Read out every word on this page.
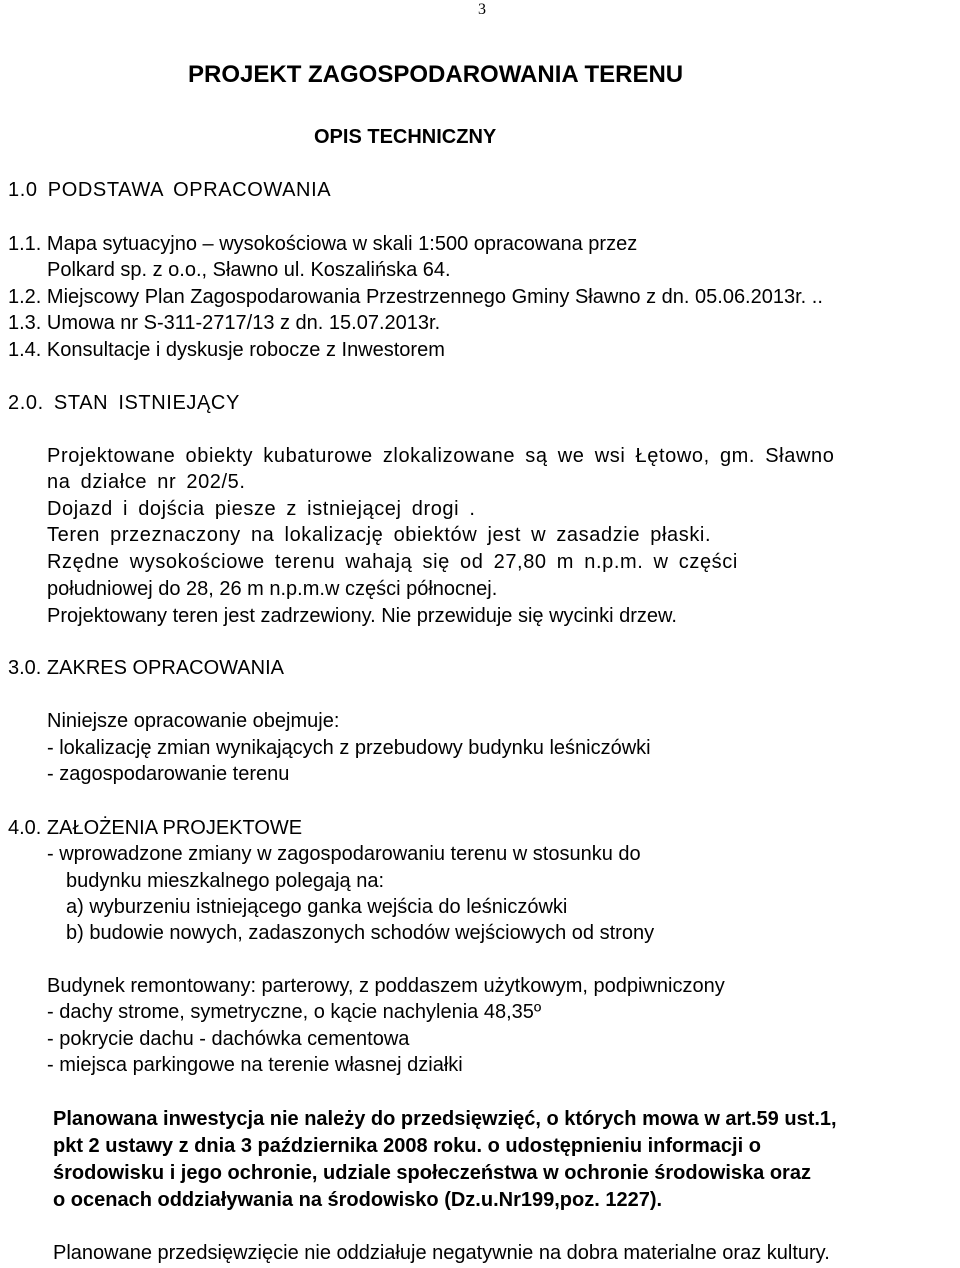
3
PROJEKT ZAGOSPODAROWANIA TERENU
OPIS TECHNICZNY
1.0 PODSTAWA OPRACOWANIA
1.1. Mapa sytuacyjno – wysokościowa w skali 1:500 opracowana przez
Polkard sp. z o.o., Sławno ul. Koszalińska 64.
1.2. Miejscowy Plan Zagospodarowania Przestrzennego Gminy Sławno z dn. 05.06.2013r. ..
1.3. Umowa nr S-311-2717/13 z dn. 15.07.2013r.
1.4. Konsultacje i dyskusje robocze z Inwestorem
2.0. STAN ISTNIEJĄCY
Projektowane obiekty kubaturowe zlokalizowane są we wsi Łętowo, gm. Sławno
na działce nr 202/5.
Dojazd i dojścia piesze z istniejącej drogi .
Teren przeznaczony na lokalizację obiektów jest w zasadzie płaski.
Rzędne wysokościowe terenu wahają się od 27,80 m n.p.m. w części
południowej do 28, 26 m n.p.m.w części północnej.
Projektowany teren jest zadrzewiony. Nie przewiduje się wycinki drzew.
3.0. ZAKRES OPRACOWANIA
Niniejsze opracowanie obejmuje:
- lokalizację zmian wynikających z przebudowy budynku leśniczówki
- zagospodarowanie terenu
4.0. ZAŁOŻENIA PROJEKTOWE
- wprowadzone zmiany w zagospodarowaniu terenu w stosunku do
budynku mieszkalnego polegają na:
a) wyburzeniu istniejącego ganka wejścia do leśniczówki
b) budowie nowych, zadaszonych schodów wejściowych od strony
Budynek remontowany: parterowy, z poddaszem użytkowym, podpiwniczony
- dachy strome, symetryczne, o kącie nachylenia 48,35º
- pokrycie dachu - dachówka cementowa
- miejsca parkingowe na terenie własnej działki
Planowana inwestycja nie należy do przedsięwzięć, o których mowa w art.59 ust.1,
pkt 2 ustawy z dnia 3 października 2008 roku. o udostępnieniu informacji o
środowisku i jego ochronie, udziale społeczeństwa w ochronie środowiska oraz
o ocenach oddziaływania na środowisko (Dz.u.Nr199,poz. 1227).
Planowane przedsięwzięcie nie oddziałuje negatywnie na dobra materialne oraz kultury.
